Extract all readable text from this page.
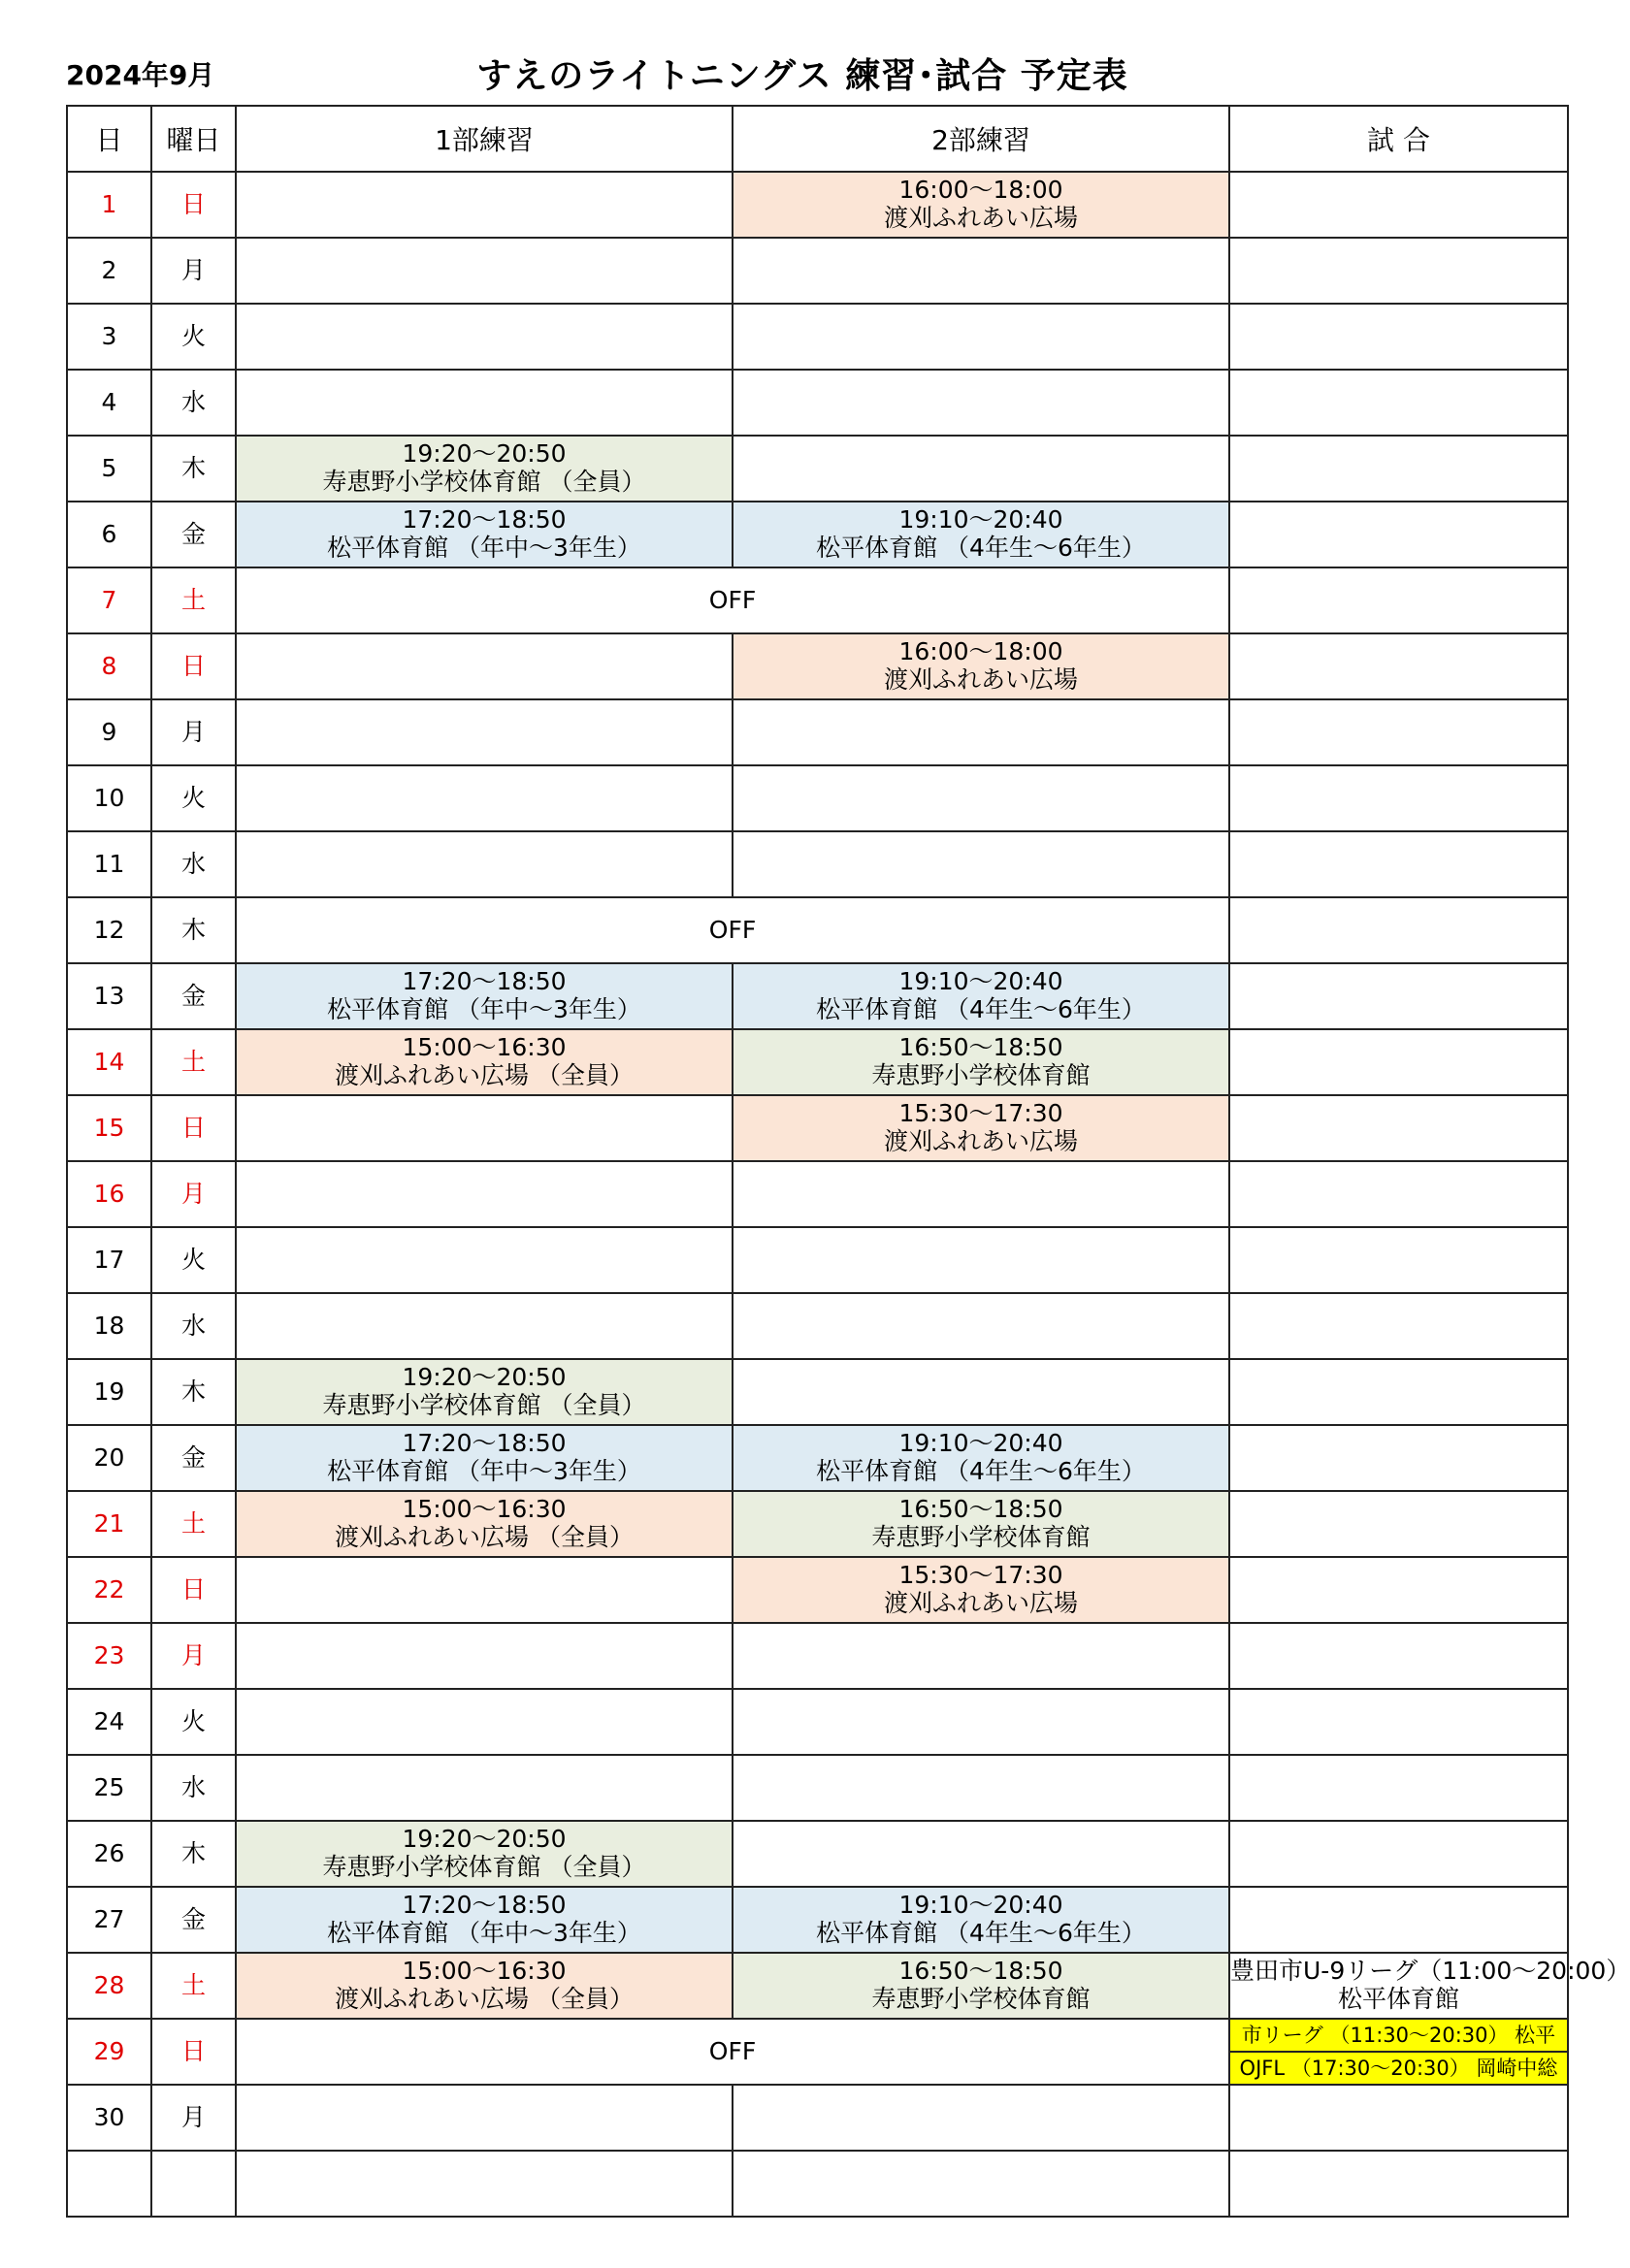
2024年9月	すえのライトニングス 練習･試合 予定表
日	曜日	1部練習	2部練習	試 合
1	日		16:00～18:00
渡刈ふれあい広場	

2	月			
3	火			
4	水			
5	木	19:20～20:50
寿恵野小学校体育館 （全員）		

6	金	17:20～18:50
松平体育館 （年中～3年生）	19:10～20:40
松平体育館 （4年生～6年生）	

7	土	OFF		
8	日		16:00～18:00
渡刈ふれあい広場	

9	月			
10	火			
11	水			
12	木	OFF		
13	金	17:20～18:50
松平体育館 （年中～3年生）	19:10～20:40
松平体育館 （4年生～6年生）	

14	土	15:00～16:30
渡刈ふれあい広場 （全員）	16:50～18:50
寿恵野小学校体育館	

15	日		15:30～17:30
渡刈ふれあい広場	

16	月			
17	火			
18	水			
19	木	19:20～20:50
寿恵野小学校体育館 （全員）		

20	金	17:20～18:50
松平体育館 （年中～3年生）	19:10～20:40
松平体育館 （4年生～6年生）	

21	土	15:00～16:30
渡刈ふれあい広場 （全員）	16:50～18:50
寿恵野小学校体育館	

22	日		15:30～17:30
渡刈ふれあい広場	

23	月			
24	火			
25	水			
26	木	19:20～20:50
寿恵野小学校体育館 （全員）		

27	金	17:20～18:50
松平体育館 （年中～3年生）	19:10～20:40
松平体育館 （4年生～6年生）	

28	土	15:00～16:30
渡刈ふれあい広場 （全員）	16:50～18:50
寿恵野小学校体育館	豊田市U-9リーグ（11:00～20:00）
松平体育館

29	日	OFF		市リーグ （11:30～20:30） 松平
OJFL （17:30～20:30） 岡崎中総

30	月			
